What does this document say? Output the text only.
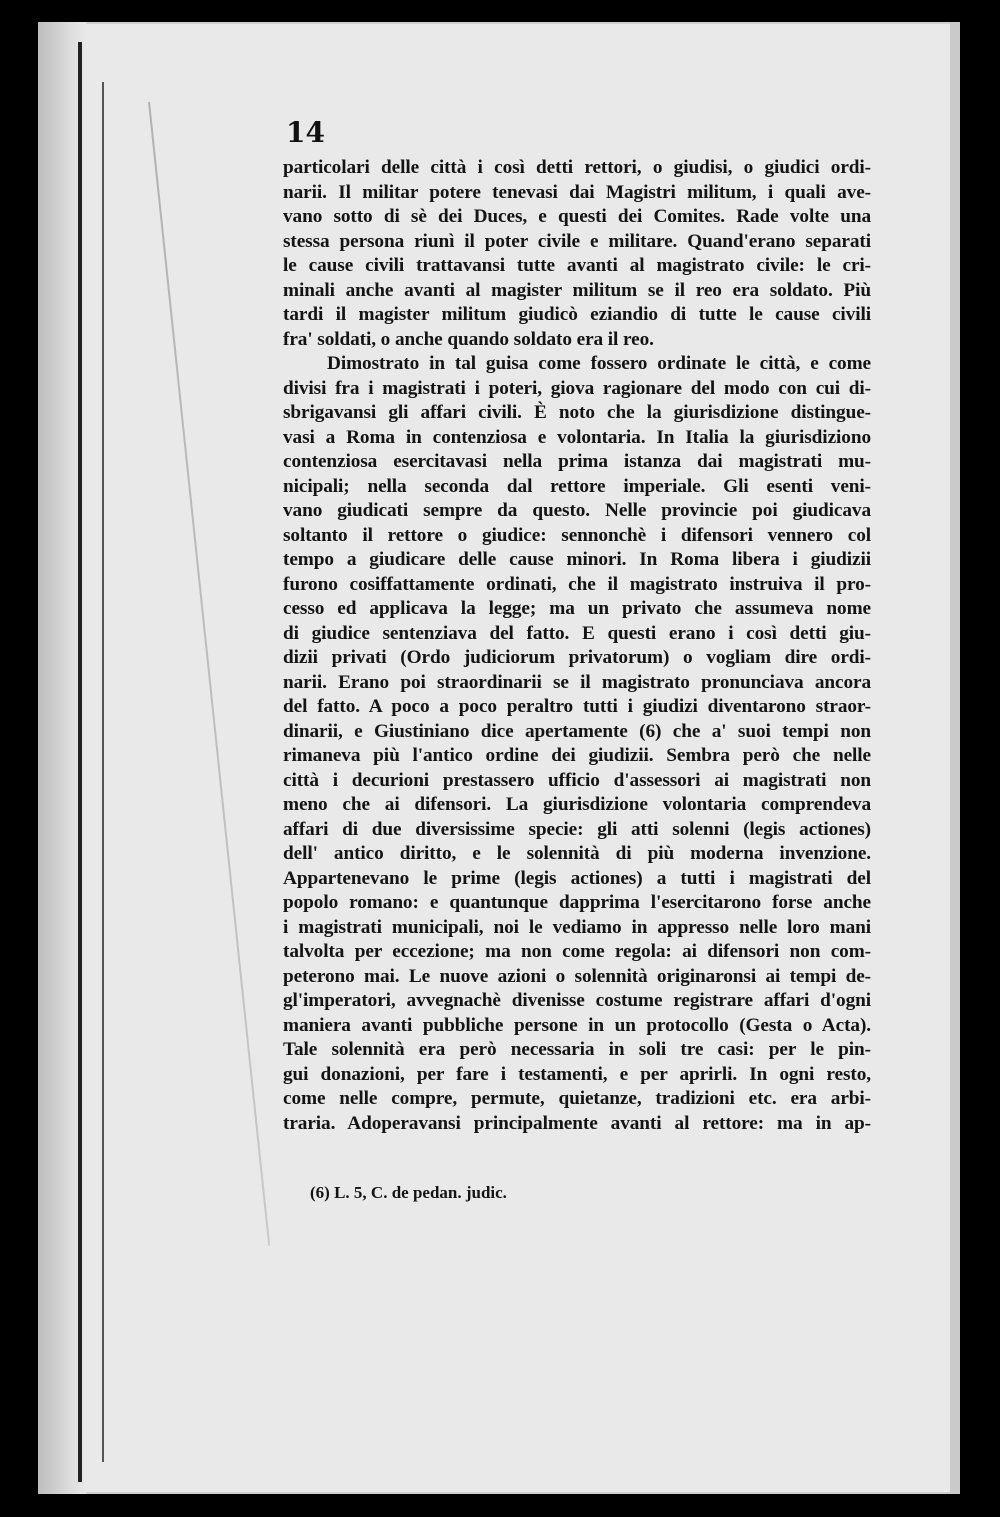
14
particolari delle città i così detti rettori, o giudisi, o giudici ordi-
narii. Il militar potere tenevasi dai Magistri militum, i quali ave-
vano sotto di sè dei Duces, e questi dei Comites. Rade volte una
stessa persona riunì il poter civile e militare. Quand'erano separati
le cause civili trattavansi tutte avanti al magistrato civile: le cri-
minali anche avanti al magister militum se il reo era soldato. Più
tardi il magister militum giudicò eziandio di tutte le cause civili
fra' soldati, o anche quando soldato era il reo.
Dimostrato in tal guisa come fossero ordinate le città, e come
divisi fra i magistrati i poteri, giova ragionare del modo con cui di-
sbrigavansi gli affari civili. È noto che la giurisdizione distingue-
vasi a Roma in contenziosa e volontaria. In Italia la giurisdiziono
contenziosa esercitavasi nella prima istanza dai magistrati mu-
nicipali; nella seconda dal rettore imperiale. Gli esenti veni-
vano giudicati sempre da questo. Nelle provincie poi giudicava
soltanto il rettore o giudice: sennonchè i difensori vennero col
tempo a giudicare delle cause minori. In Roma libera i giudizii
furono cosiffattamente ordinati, che il magistrato instruiva il pro-
cesso ed applicava la legge; ma un privato che assumeva nome
di giudice sentenziava del fatto. E questi erano i così detti giu-
dizii privati (Ordo judiciorum privatorum) o vogliam dire ordi-
narii. Erano poi straordinarii se il magistrato pronunciava ancora
del fatto. A poco a poco peraltro tutti i giudizi diventarono straor-
dinarii, e Giustiniano dice apertamente (6) che a' suoi tempi non
rimaneva più l'antico ordine dei giudizii. Sembra però che nelle
città i decurioni prestassero ufficio d'assessori ai magistrati non
meno che ai difensori. La giurisdizione volontaria comprendeva
affari di due diversissime specie: gli atti solenni (legis actiones)
dell' antico diritto, e le solennità di più moderna invenzione.
Appartenevano le prime (legis actiones) a tutti i magistrati del
popolo romano: e quantunque dapprima l'esercitarono forse anche
i magistrati municipali, noi le vediamo in appresso nelle loro mani
talvolta per eccezione; ma non come regola: ai difensori non com-
peterono mai. Le nuove azioni o solennità originaronsi ai tempi de-
gl'imperatori, avvegnachè divenisse costume registrare affari d'ogni
maniera avanti pubbliche persone in un protocollo (Gesta o Acta).
Tale solennità era però necessaria in soli tre casi: per le pin-
gui donazioni, per fare i testamenti, e per aprirli. In ogni resto,
come nelle compre, permute, quietanze, tradizioni etc. era arbi-
traria. Adoperavansi principalmente avanti al rettore: ma in ap-
(6) L. 5, C. de pedan. judic.
